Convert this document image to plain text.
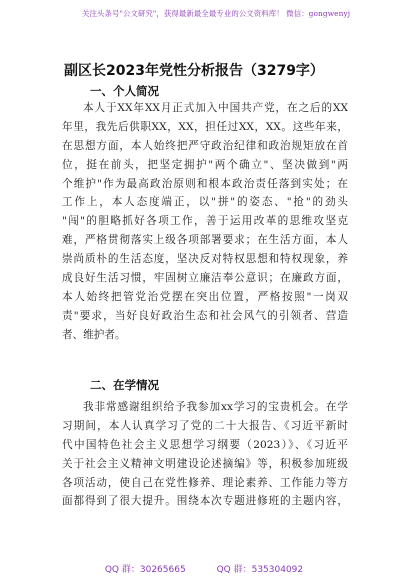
关注头条号"公文研究"，获得最新最全最专业的公文资料库！ 微信：gongwenyj
副区长2023年党性分析报告（3279字）
一、个人简况
本人于XX年XX月正式加入中国共产党，在之后的XX
年里，我先后供职XX，XX，担任过XX，XX。这些年来，
在思想方面，本人始终把严守政治纪律和政治规矩放在首
位，挺在前头，把坚定拥护"两个确立"、坚决做到"两
个维护"作为最高政治原则和根本政治责任落到实处；在
工作上，本人态度端正，以"拼"的姿态、"抢"的劲头
"闯"的胆略抓好各项工作，善于运用改革的思维攻坚克
难，严格贯彻落实上级各项部署要求；在生活方面，本人
崇尚质朴的生活态度，坚决反对特权思想和特权现象，养
成良好生活习惯，牢固树立廉洁奉公意识；在廉政方面，
本人始终把管党治党摆在突出位置，严格按照"一岗双
责"要求，当好良好政治生态和社会风气的引领者、营造
者、维护者。
二、在学情况
我非常感谢组织给予我参加xx学习的宝贵机会。在学
习期间，本人认真学习了党的二十大报告、《习近平新时
代中国特色社会主义思想学习纲要（2023）》、《习近平
关于社会主义精神文明建设论述摘编》等，积极参加班级
各项活动，使自己在党性修养、理论素养、工作能力等方
面都得到了很大提升。围绕本次专题进修班的主题内容，
QQ 群：30265665	QQ 群：535304092
